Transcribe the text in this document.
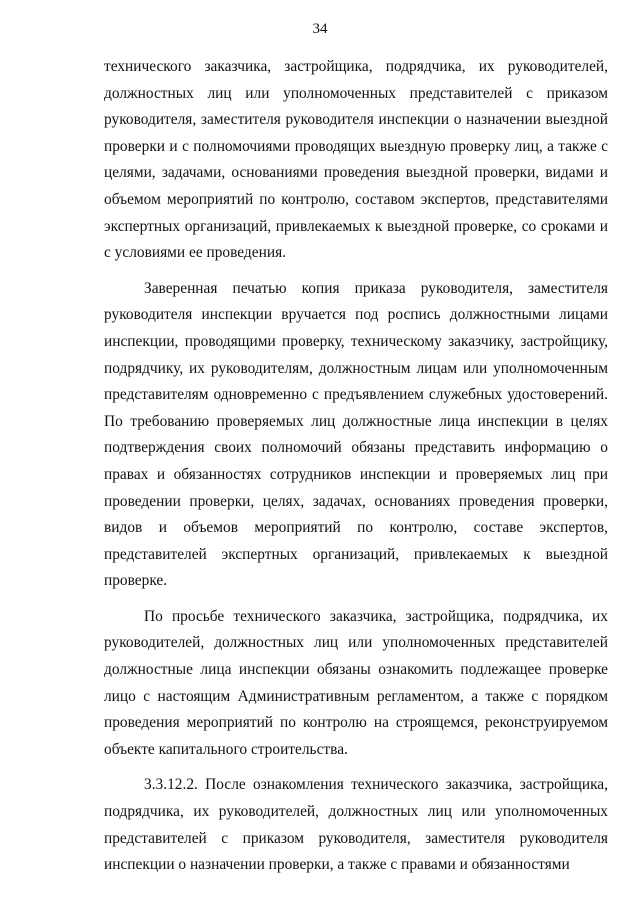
34

технического заказчика, застройщика, подрядчика, их руководителей, должностных лиц или уполномоченных представителей с приказом руководителя, заместителя руководителя инспекции о назначении выездной проверки и с полномочиями проводящих выездную проверку лиц, а также с целями, задачами, основаниями проведения выездной проверки, видами и объемом мероприятий по контролю, составом экспертов, представителями экспертных организаций, привлекаемых к выездной проверке, со сроками и с условиями ее проведения.

Заверенная печатью копия приказа руководителя, заместителя руководителя инспекции вручается под роспись должностными лицами инспекции, проводящими проверку, техническому заказчику, застройщику, подрядчику, их руководителям, должностным лицам или уполномоченным представителям одновременно с предъявлением служебных удостоверений. По требованию проверяемых лиц должностные лица инспекции в целях подтверждения своих полномочий обязаны представить информацию о правах и обязанностях сотрудников инспекции и проверяемых лиц при проведении проверки, целях, задачах, основаниях проведения проверки, видов и объемов мероприятий по контролю, составе экспертов, представителей экспертных организаций, привлекаемых к выездной проверке.

По просьбе технического заказчика, застройщика, подрядчика, их руководителей, должностных лиц или уполномоченных представителей должностные лица инспекции обязаны ознакомить подлежащее проверке лицо с настоящим Административным регламентом, а также с порядком проведения мероприятий по контролю на строящемся, реконструируемом объекте капитального строительства.

3.3.12.2. После ознакомления технического заказчика, застройщика, подрядчика, их руководителей, должностных лиц или уполномоченных представителей с приказом руководителя, заместителя руководителя инспекции о назначении проверки, а также с правами и обязанностями
